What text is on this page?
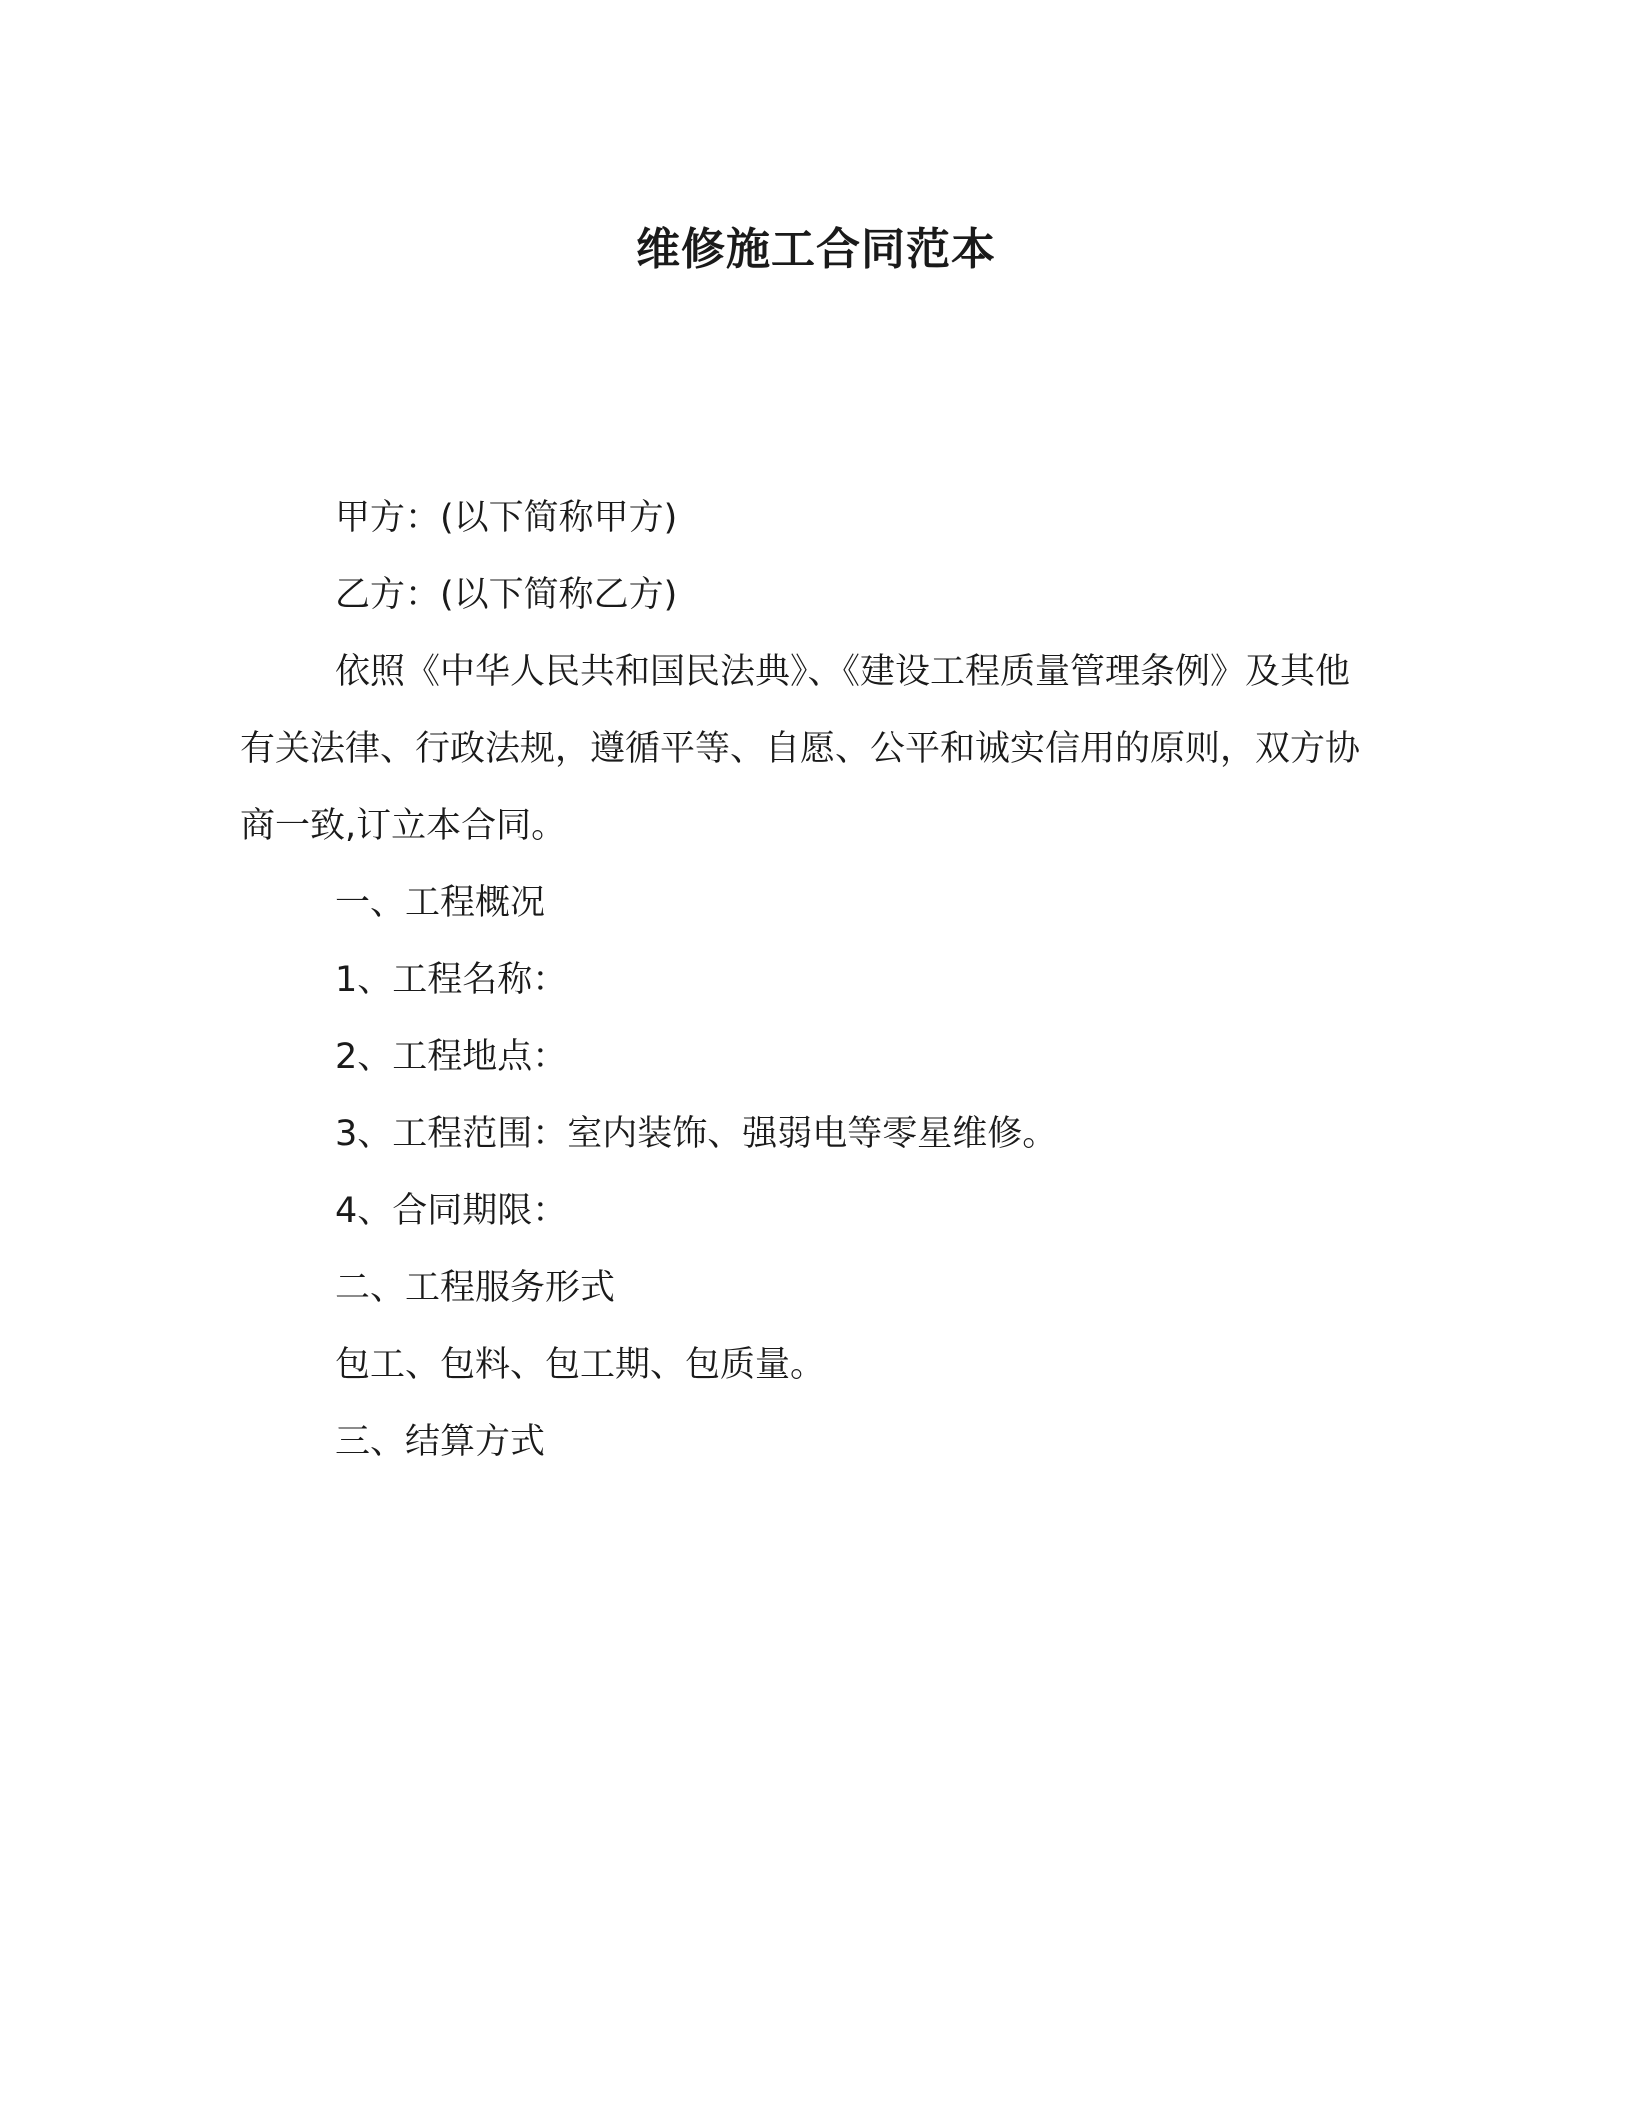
维修施工合同范本

甲方：(以下简称甲方)

乙方：(以下简称乙方)

依照《中华人民共和国民法典》、《建设工程质量管理条例》及其他有关法律、行政法规，遵循平等、自愿、公平和诚实信用的原则，双方协商一致,订立本合同。

一、工程概况

1、工程名称：

2、工程地点：

3、工程范围：室内装饰、强弱电等零星维修。

4、合同期限：

二、工程服务形式

包工、包料、包工期、包质量。

三、结算方式
